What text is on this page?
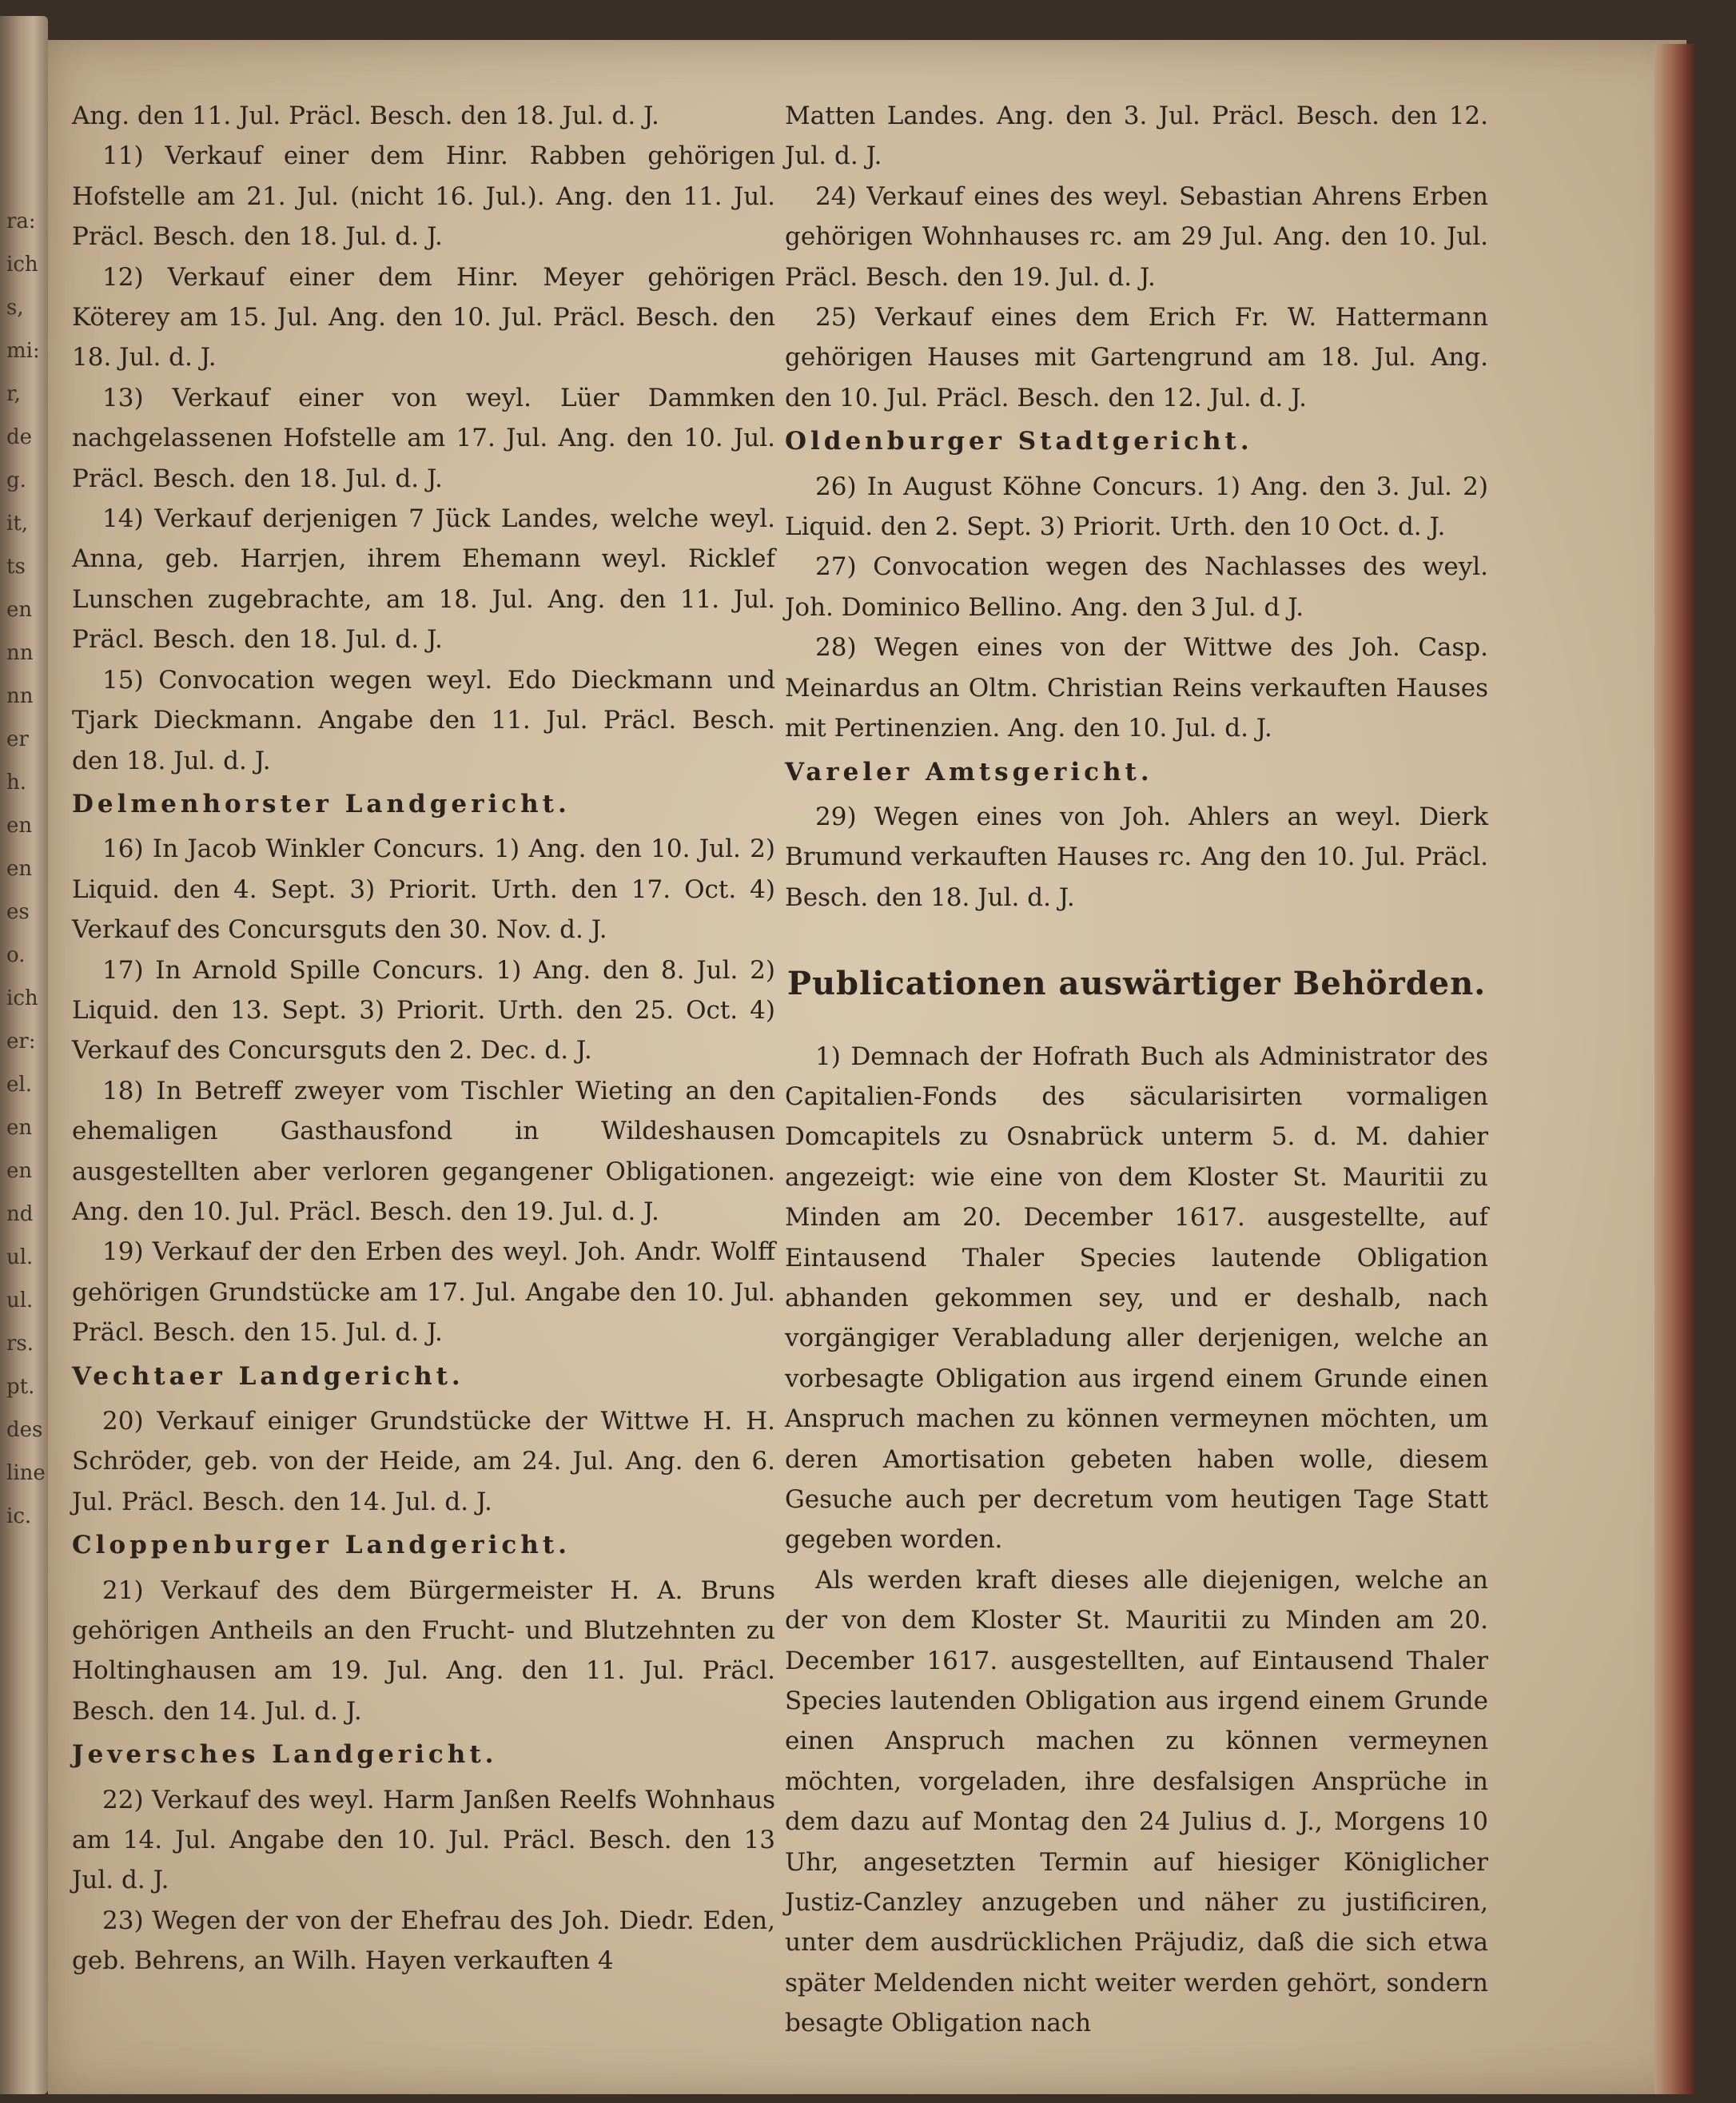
ra:
ich
s,
mi:
r,
de
g.
it,
ts
en
nn
nn
er
h.
en
en
es
o.
ich
er:
el.
en
en
nd
ul.
ul.
rs.
pt.
des
line
ic.

Ang. den 11. Jul. Präcl. Besch. den 18. Jul. d. J.

11) Verkauf einer dem Hinr. Rabben gehörigen Hofstelle am 21. Jul. (nicht 16. Jul.). Ang. den 11. Jul. Präcl. Besch. den 18. Jul. d. J.

12) Verkauf einer dem Hinr. Meyer gehörigen Köterey am 15. Jul. Ang. den 10. Jul. Präcl. Besch. den 18. Jul. d. J.

13) Verkauf einer von weyl. Lüer Dammken nachgelassenen Hofstelle am 17. Jul. Ang. den 10. Jul. Präcl. Besch. den 18. Jul. d. J.

14) Verkauf derjenigen 7 Jück Landes, welche weyl. Anna, geb. Harrjen, ihrem Ehemann weyl. Ricklef Lunschen zugebrachte, am 18. Jul. Ang. den 11. Jul. Präcl. Besch. den 18. Jul. d. J.

15) Convocation wegen weyl. Edo Dieckmann und Tjark Dieckmann. Angabe den 11. Jul. Präcl. Besch. den 18. Jul. d. J.

Delmenhorster Landgericht.

16) In Jacob Winkler Concurs. 1) Ang. den 10. Jul. 2) Liquid. den 4. Sept. 3) Priorit. Urth. den 17. Oct. 4) Verkauf des Concursguts den 30. Nov. d. J.

17) In Arnold Spille Concurs. 1) Ang. den 8. Jul. 2) Liquid. den 13. Sept. 3) Priorit. Urth. den 25. Oct. 4) Verkauf des Concursguts den 2. Dec. d. J.

18) In Betreff zweyer vom Tischler Wieting an den ehemaligen Gasthausfond in Wildeshausen ausgestellten aber verloren gegangener Obligationen. Ang. den 10. Jul. Präcl. Besch. den 19. Jul. d. J.

19) Verkauf der den Erben des weyl. Joh. Andr. Wolff gehörigen Grundstücke am 17. Jul. Angabe den 10. Jul. Präcl. Besch. den 15. Jul. d. J.

Vechtaer Landgericht.

20) Verkauf einiger Grundstücke der Wittwe H. H. Schröder, geb. von der Heide, am 24. Jul. Ang. den 6. Jul. Präcl. Besch. den 14. Jul. d. J.

Cloppenburger Landgericht.

21) Verkauf des dem Bürgermeister H. A. Bruns gehörigen Antheils an den Frucht- und Blutzehnten zu Holtinghausen am 19. Jul. Ang. den 11. Jul. Präcl. Besch. den 14. Jul. d. J.

Jeversches Landgericht.

22) Verkauf des weyl. Harm Janßen Reelfs Wohnhaus am 14. Jul. Angabe den 10. Jul. Präcl. Besch. den 13 Jul. d. J.

23) Wegen der von der Ehefrau des Joh. Diedr. Eden, geb. Behrens, an Wilh. Hayen verkauften 4

Matten Landes. Ang. den 3. Jul. Präcl. Besch. den 12. Jul. d. J.

24) Verkauf eines des weyl. Sebastian Ahrens Erben gehörigen Wohnhauses rc. am 29 Jul. Ang. den 10. Jul. Präcl. Besch. den 19. Jul. d. J.

25) Verkauf eines dem Erich Fr. W. Hattermann gehörigen Hauses mit Gartengrund am 18. Jul. Ang. den 10. Jul. Präcl. Besch. den 12. Jul. d. J.

Oldenburger Stadtgericht.

26) In August Köhne Concurs. 1) Ang. den 3. Jul. 2) Liquid. den 2. Sept. 3) Priorit. Urth. den 10 Oct. d. J.

27) Convocation wegen des Nachlasses des weyl. Joh. Dominico Bellino. Ang. den 3 Jul. d J.

28) Wegen eines von der Wittwe des Joh. Casp. Meinardus an Oltm. Christian Reins verkauften Hauses mit Pertinenzien. Ang. den 10. Jul. d. J.

Vareler Amtsgericht.

29) Wegen eines von Joh. Ahlers an weyl. Dierk Brumund verkauften Hauses rc. Ang den 10. Jul. Präcl. Besch. den 18. Jul. d. J.

Publicationen auswärtiger Behörden.

1) Demnach der Hofrath Buch als Administrator des Capitalien-Fonds des säcularisirten vormaligen Domcapitels zu Osnabrück unterm 5. d. M. dahier angezeigt: wie eine von dem Kloster St. Mauritii zu Minden am 20. December 1617. ausgestellte, auf Eintausend Thaler Species lautende Obligation abhanden gekommen sey, und er deshalb, nach vorgängiger Verabladung aller derjenigen, welche an vorbesagte Obligation aus irgend einem Grunde einen Anspruch machen zu können vermeynen möchten, um deren Amortisation gebeten haben wolle, diesem Gesuche auch per decretum vom heutigen Tage Statt gegeben worden.

Als werden kraft dieses alle diejenigen, welche an der von dem Kloster St. Mauritii zu Minden am 20. December 1617. ausgestellten, auf Eintausend Thaler Species lautenden Obligation aus irgend einem Grunde einen Anspruch machen zu können vermeynen möchten, vorgeladen, ihre desfalsigen Ansprüche in dem dazu auf Montag den 24 Julius d. J., Morgens 10 Uhr, angesetzten Termin auf hiesiger Königlicher Justiz-Canzley anzugeben und näher zu justificiren, unter dem ausdrücklichen Präjudiz, daß die sich etwa später Meldenden nicht weiter werden gehört, sondern besagte Obligation nach
